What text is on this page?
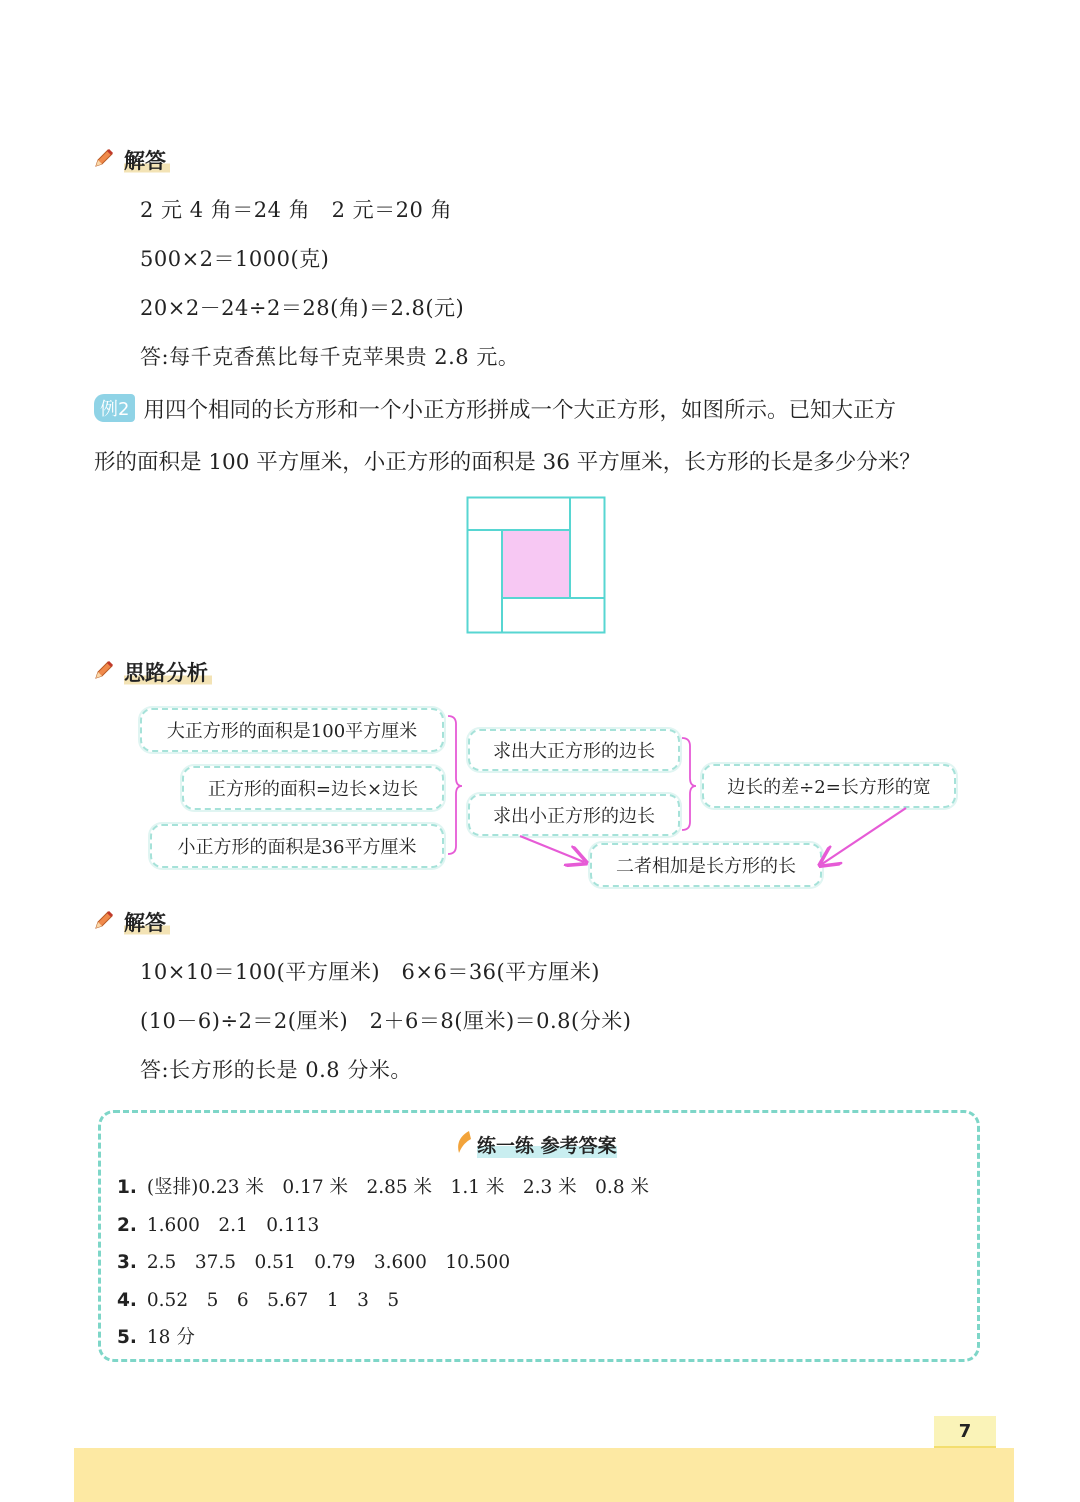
解答
2 元 4 角＝24 角　2 元＝20 角
500×2＝1000(克)
20×2－24÷2＝28(角)＝2.8(元)
答:每千克香蕉比每千克苹果贵 2.8 元。
例2 用四个相同的长方形和一个小正方形拼成一个大正方形，如图所示。已知大正方
形的面积是 100 平方厘米，小正方形的面积是 36 平方厘米，长方形的长是多少分米？
思路分析
大正方形的面积是100平方厘米
正方形的面积=边长×边长
小正方形的面积是36平方厘米
求出大正方形的边长
求出小正方形的边长
边长的差÷2=长方形的宽
二者相加是长方形的长
解答
10×10＝100(平方厘米)　6×6＝36(平方厘米)
(10－6)÷2＝2(厘米)　2＋6＝8(厘米)＝0.8(分米)
答:长方形的长是 0.8 分米。
练一练 参考答案
1. (竖排)0.23 米　0.17 米　2.85 米　1.1 米　2.3 米　0.8 米
2. 1.600　2.1　0.113
3. 2.5　37.5　0.51　0.79　3.600　10.500
4. 0.52　5　6　5.67　1　3　5
5. 18 分
7
